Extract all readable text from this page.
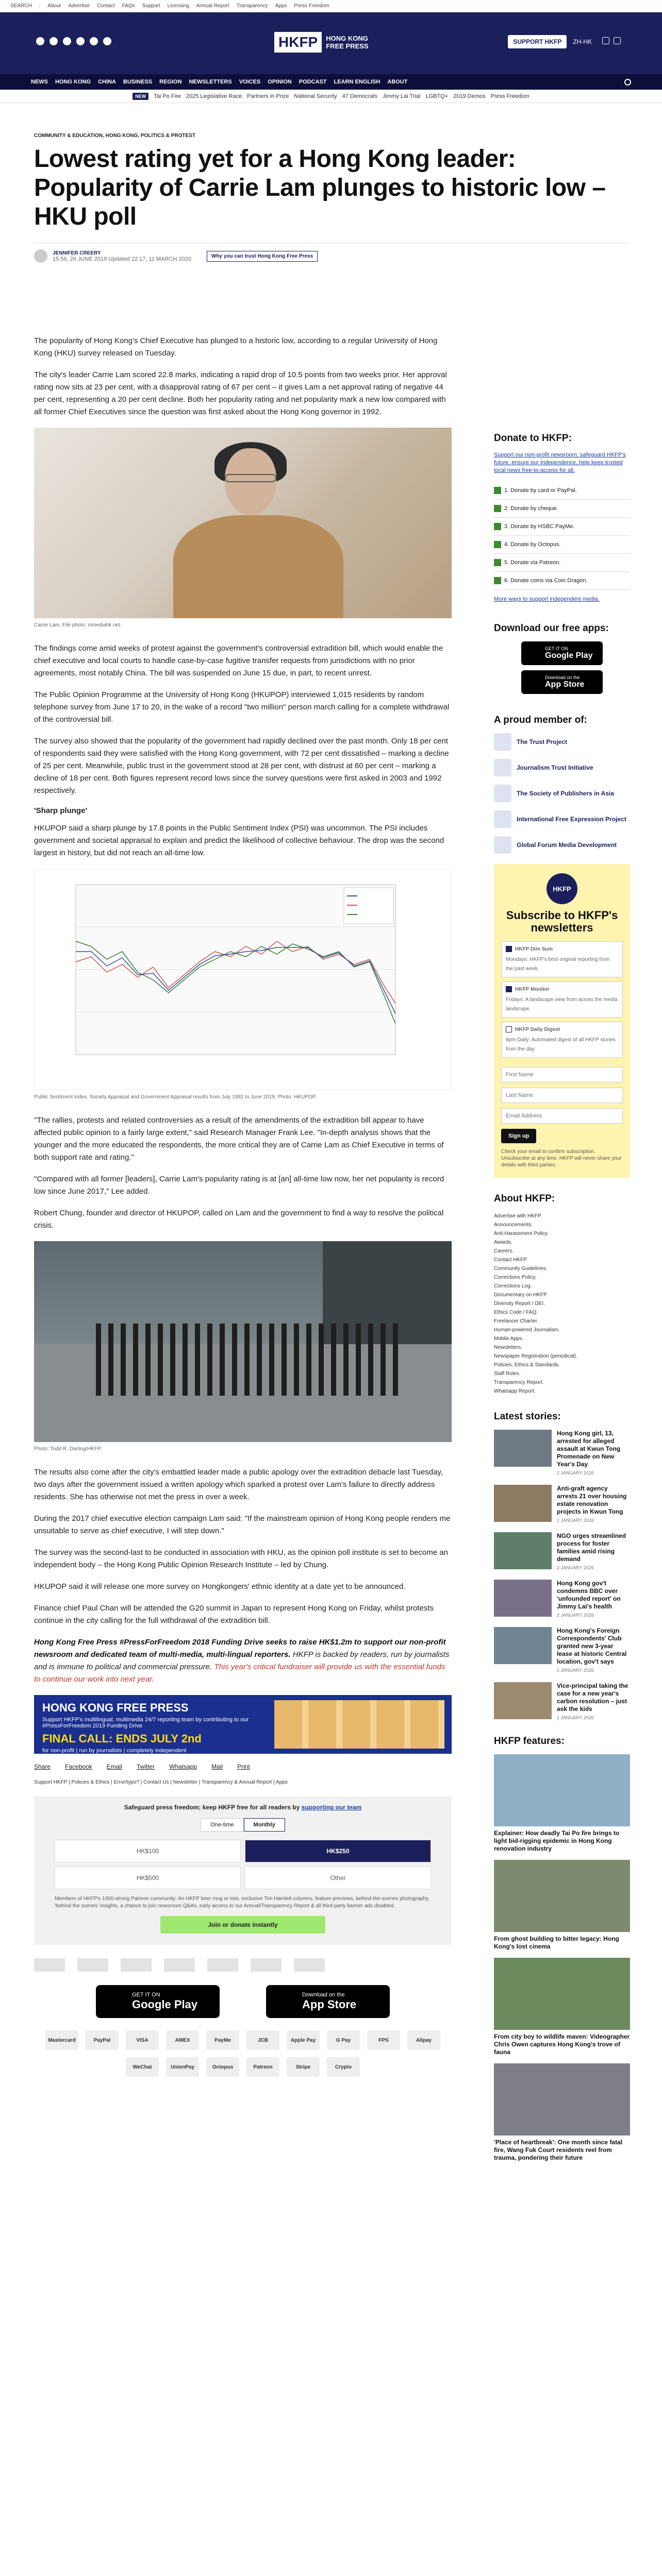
SEARCH | About Advertise Contact FAQs Support Licensing Annual Report Transparency Apps Press Freedom
HKFP	HONG KONG FREE PRESS
SUPPORT HKFP	ZH-HK
NEWS HONG KONG CHINA BUSINESS REGION NEWSLETTERS VOICES OPINION PODCAST LEARN ENGLISH ABOUT
NEW	Tai Po Fire 2025 Legislative Race Partners in Prize National Security 47 Democrats Jimmy Lai Trial LGBTQ+ 2019 Demos Press Freedom
COMMUNITY & EDUCATION, HONG KONG, POLITICS & PROTEST
Lowest rating yet for a Hong Kong leader: Popularity of Carrie Lam plunges to historic low – HKU poll
JENNIFER CREERY
15:56, 26 JUNE 2019 Updated 22:17, 11 MARCH 2020	Why you can trust Hong Kong Free Press

The popularity of Hong Kong's Chief Executive has plunged to a historic low, according to a regular University of Hong Kong (HKU) survey released on Tuesday.

The city's leader Carrie Lam scored 22.8 marks, indicating a rapid drop of 10.5 points from two weeks prior. Her approval rating now sits at 23 per cent, with a disapproval rating of 67 per cent – it gives Lam a net approval rating of negative 44 per cent, representing a 20 per cent decline. Both her popularity rating and net popularity mark a new low compared with all former Chief Executives since the question was first asked about the Hong Kong governor in 1992.

Carrie Lam. File photo: inmediahk.net.

The findings come amid weeks of protest against the government's controversial extradition bill, which would enable the chief executive and local courts to handle case-by-case fugitive transfer requests from jurisdictions with no prior agreements, most notably China. The bill was suspended on June 15 due, in part, to recent unrest.

The Public Opinion Programme at the University of Hong Kong (HKUPOP) interviewed 1,015 residents by random telephone survey from June 17 to 20, in the wake of a record "two million" person march calling for a complete withdrawal of the controversial bill.

The survey also showed that the popularity of the government had rapidly declined over the past month. Only 18 per cent of respondents said they were satisfied with the Hong Kong government, with 72 per cent dissatisfied – marking a decline of 25 per cent. Meanwhile, public trust in the government stood at 28 per cent, with distrust at 60 per cent – marking a decline of 18 per cent. Both figures represent record lows since the survey questions were first asked in 2003 and 1992 respectively.

'Sharp plunge'

HKUPOP said a sharp plunge by 17.8 points in the Public Sentiment Index (PSI) was uncommon. The PSI includes government and societal appraisal to explain and predict the likelihood of collective behaviour. The drop was the second largest in history, but did not reach an all-time low.

Public Sentiment Index. Society Appraisal and Government Appraisal results from July 1992 to June 2019. Photo: HKUPOP.

"The rallies, protests and related controversies as a result of the amendments of the extradition bill appear to have affected public opinion to a fairly large extent," said Research Manager Frank Lee. "In-depth analysis shows that the younger and the more educated the respondents, the more critical they are of Carrie Lam as Chief Executive in terms of both support rate and rating."

"Compared with all former [leaders], Carrie Lam's popularity rating is at [an] all-time low now, her net popularity is record low since June 2017," Lee added.

Robert Chung, founder and director of HKUPOP, called on Lam and the government to find a way to resolve the political crisis.

Photo: Todd R. Darling/HKFP.

The results also come after the city's embattled leader made a public apology over the extradition debacle last Tuesday, two days after the government issued a written apology which sparked a protest over Lam's failure to directly address residents. She has otherwise not met the press in over a week.

During the 2017 chief executive election campaign Lam said: "If the mainstream opinion of Hong Kong people renders me unsuitable to serve as chief executive, I will step down."

The survey was the second-last to be conducted in association with HKU, as the opinion poll institute is set to become an independent body – the Hong Kong Public Opinion Research Institute – led by Chung.

HKUPOP said it will release one more survey on Hongkongers' ethnic identity at a date yet to be announced.

Finance chief Paul Chan will be attended the G20 summit in Japan to represent Hong Kong on Friday, whilst protests continue in the city calling for the full withdrawal of the extradition bill.

Hong Kong Free Press #PressForFreedom 2018 Funding Drive seeks to raise HK$1.2m to support our non-profit newsroom and dedicated team of multi-media, multi-lingual reporters. HKFP is backed by readers, run by journalists and is immune to political and commercial pressure. This year's critical fundraiser will provide us with the essential funds to continue our work into next year.
HONG KONG FREE PRESS
Support HKFP's multilingual, multimedia 24/7 reporting team by contributing to our #PressForFreedom 2019 Funding Drive
FINAL CALL: ENDS JULY 2nd
for non-profit | run by journalists | completely independent
Share Facebook Email Twitter Whatsapp Mail Print
Support HKFP | Policies & Ethics | Error/typo? | Contact Us | Newsletter | Transparency & Annual Report | Apps
Safeguard press freedom; keep HKFP free for all readers by supporting our team
One-time	Monthly
HK$100	HK$250
HK$500	Other
Members of HKFP's 1000-strong Patreon community: An HKFP beer mug or tote, exclusive Tim Hamlett columns, feature previews, behind-the-scenes photography, 'behind the scenes' insights, a chance to join newsroom Q&As, early access to our Annual/Transparency Report & all third-party banner ads disabled.
Join or donate instantly
GET IT ON
Google Play
Download on the
App Store
Mastercard	PayPal	VISA	AMEX	PayMe	JCB	Apple Pay	G Pay	FPS	Alipay
WeChat	UnionPay	Octopus	Patreon	Stripe	Crypto
Donate to HKFP:
Support our non-profit newsroom; safeguard HKFP's future, ensure our independence, help keep trusted local news free-to-access for all.
1. Donate by card or PayPal.
2. Donate by cheque.
3. Donate by HSBC PayMe.
4. Donate by Octopus.
5. Donate via Patreon.
6. Donate coins via Coin Dragon.
More ways to support independent media.
Download our free apps:
GET IT ON
Google Play
Download on the
App Store
A proud member of:
The Trust Project
Journalism Trust Initiative
The Society of Publishers in Asia
International Free Expression Project
Global Forum Media Development
HKFP
Subscribe to HKFP's newsletters
HKFP Dim Sum
Mondays: HKFP's best original reporting from the past week.
HKFP Monitor
Fridays: A landscape view from across the media landscape.
HKFP Daily Digest
9pm Daily: Automated digest of all HKFP stories from the day.
First Name Last Name Email Address Sign up
Check your email to confirm subscription. Unsubscribe at any time. HKFP will never share your details with third parties.
About HKFP:
Advertise with HKFP.
Announcements.
Anti-Harassment Policy.
Awards.
Careers.
Contact HKFP.
Community Guidelines.
Corrections Policy.
Corrections Log.
Documentary on HKFP.
Diversity Report / DEI.
Ethics Code / FAQ.
Freelancer Charter.
Human-powered Journalism.
Mobile Apps.
Newsletters.
Newspaper Registration (periodical).
Policies, Ethics & Standards.
Staff Roles.
Transparency Report.
Whatsapp Report.
Latest stories:
Hong Kong girl, 13, arrested for alleged assault at Kwun Tong Promenade on New Year's Day
2 JANUARY 2026
Anti-graft agency arrests 21 over housing estate renovation projects in Kwun Tong
2 JANUARY 2026
NGO urges streamlined process for foster families amid rising demand
2 JANUARY 2026
Hong Kong gov't condemns BBC over 'unfounded report' on Jimmy Lai's health
2 JANUARY 2026
Hong Kong's Foreign Correspondents' Club granted new 3-year lease at historic Central location, gov't says
2 JANUARY 2026
Vice-principal taking the case for a new year's carbon resolution – just ask the kids
1 JANUARY 2026
HKFP features:
Explainer: How deadly Tai Po fire brings to light bid-rigging epidemic in Hong Kong renovation industry
From ghost building to bitter legacy: Hong Kong's lost cinema
From city boy to wildlife maven: Videographer Chris Owen captures Hong Kong's trove of fauna
'Place of heartbreak': One month since fatal fire, Wang Fuk Court residents reel from trauma, pondering their future
